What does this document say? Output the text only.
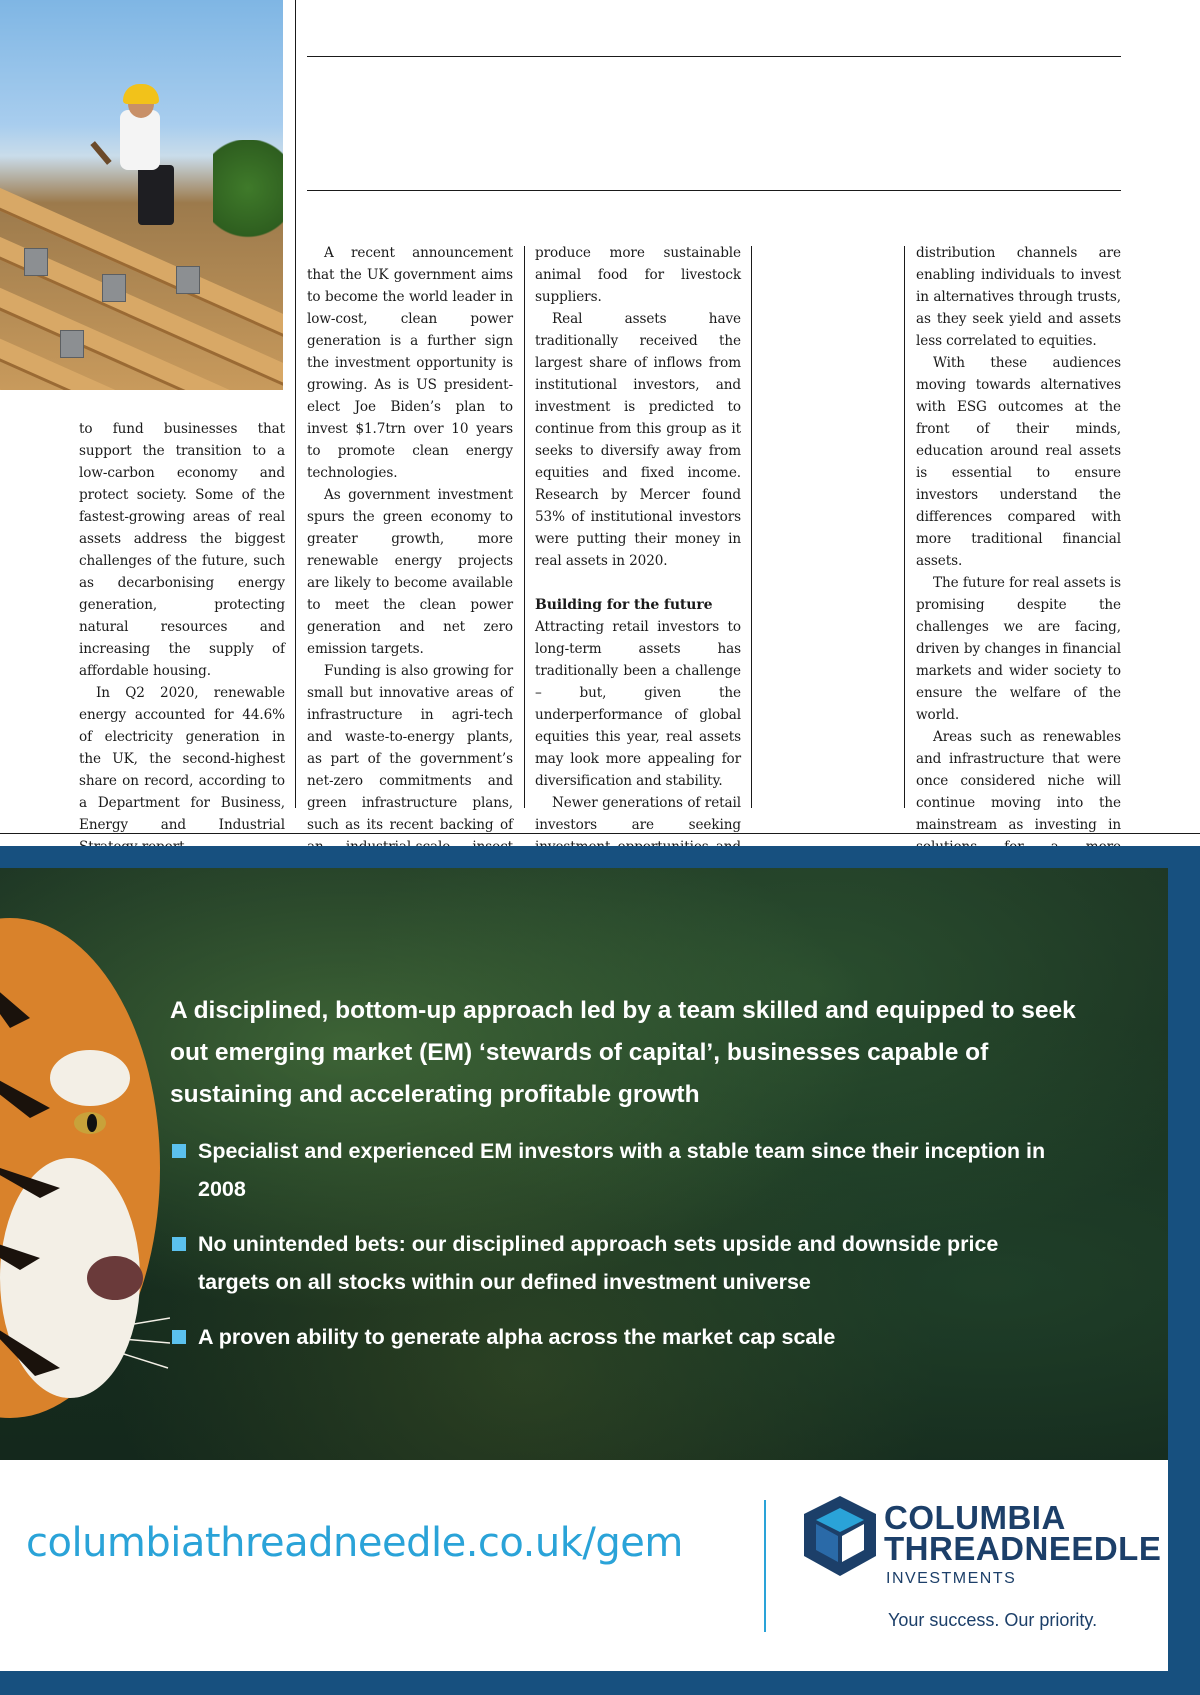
to fund businesses that support the transition to a low-carbon economy and protect society. Some of the fastest-growing areas of real assets address the biggest challenges of the future, such as decarbonising energy generation, protecting natural resources and increasing the supply of affordable housing.

In Q2 2020, renewable energy accounted for 44.6% of electricity generation in the UK, the second-highest share on record, according to a Department for Business, Energy and Industrial

A recent announcement that the UK government aims to become the world leader in low-cost, clean power generation is a further sign the investment opportunity is growing. As is US president-elect Joe Biden’s plan to invest $1.7trn over 10 years to promote clean energy technologies.

As government investment spurs the green economy to greater growth, more renewable energy projects are likely to become available to meet the clean power generation and net zero emission targets.

Funding is also growing for small but innovative areas of infrastructure in agri-tech and waste-to-energy plants, as part of the government’s net-zero commitments and green infrastructure plans, such as its recent backing of

produce more sustainable animal food for livestock suppliers.

Real assets have traditionally received the largest share of inflows from institutional investors, and investment is predicted to continue from this group as it seeks to diversify away from equities and fixed income. Research by Mercer found 53% of institutional investors were putting their money in real assets in 2020.

Building for the future

Attracting retail investors to long-term assets has traditionally been a challenge – but, given the underperformance of global equities this year, real assets may look more appealing for diversification and stability.

Newer generations of retail investors are seeking

distribution channels are enabling individuals to invest in alternatives through trusts, as they seek yield and assets less correlated to equities.

With these audiences moving towards alternatives with ESG outcomes at the front of their minds, education around real assets is essential to ensure investors understand the differences compared with more traditional financial assets.

The future for real assets is promising despite the challenges we are facing, driven by changes in financial markets and wider society to ensure the welfare of the world.

Areas such as renewables and infrastructure that were once considered niche will continue moving into the mainstream as investing in

A disciplined, bottom-up approach led by a team skilled and equipped to seek out emerging market (EM) ‘stewards of capital’, businesses capable of sustaining and accelerating profitable growth
Specialist and experienced EM investors with a stable team since their inception in 2008
No unintended bets: our disciplined approach sets upside and downside price targets on all stocks within our defined investment universe
A proven ability to generate alpha across the market cap scale
columbiathreadneedle.co.uk/gem
COLUMBIA
THREADNEEDLE
INVESTMENTS
Your success. Our priority.
